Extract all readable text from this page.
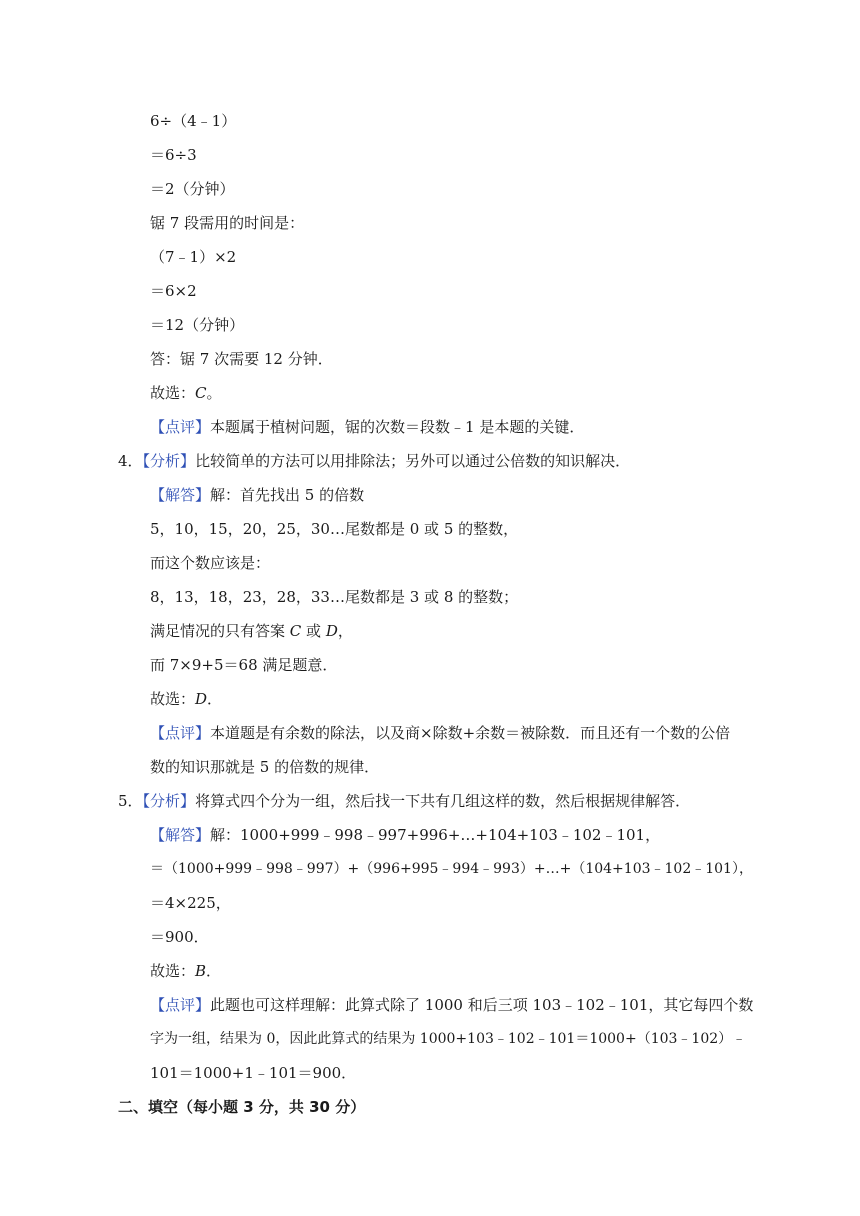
6÷（4﹣1）
＝6÷3
＝2（分钟）
锯 7 段需用的时间是：
（7﹣1）×2
＝6×2
＝12（分钟）
答：锯 7 次需要 12 分钟．
故选：C。
【点评】本题属于植树问题，锯的次数＝段数﹣1 是本题的关键．
4．【分析】比较简单的方法可以用排除法；另外可以通过公倍数的知识解决．
【解答】解：首先找出 5 的倍数
5，10，15，20，25，30…尾数都是 0 或 5 的整数，
而这个数应该是：
8，13，18，23，28，33…尾数都是 3 或 8 的整数；
满足情况的只有答案 C 或 D，
而 7×9+5＝68 满足题意．
故选：D．
【点评】本道题是有余数的除法，以及商×除数+余数＝被除数．而且还有一个数的公倍
数的知识那就是 5 的倍数的规律．
5．【分析】将算式四个分为一组，然后找一下共有几组这样的数，然后根据规律解答．
【解答】解：1000+999﹣998﹣997+996+…+104+103﹣102﹣101，
＝（1000+999﹣998﹣997）+（996+995﹣994﹣993）+…+（104+103﹣102﹣101），
＝4×225，
＝900．
故选：B．
【点评】此题也可这样理解：此算式除了 1000 和后三项 103﹣102﹣101，其它每四个数
字为一组，结果为 0，因此此算式的结果为 1000+103﹣102﹣101＝1000+（103﹣102）﹣
101＝1000+1﹣101＝900．
二、填空（每小题 3 分，共 30 分）
